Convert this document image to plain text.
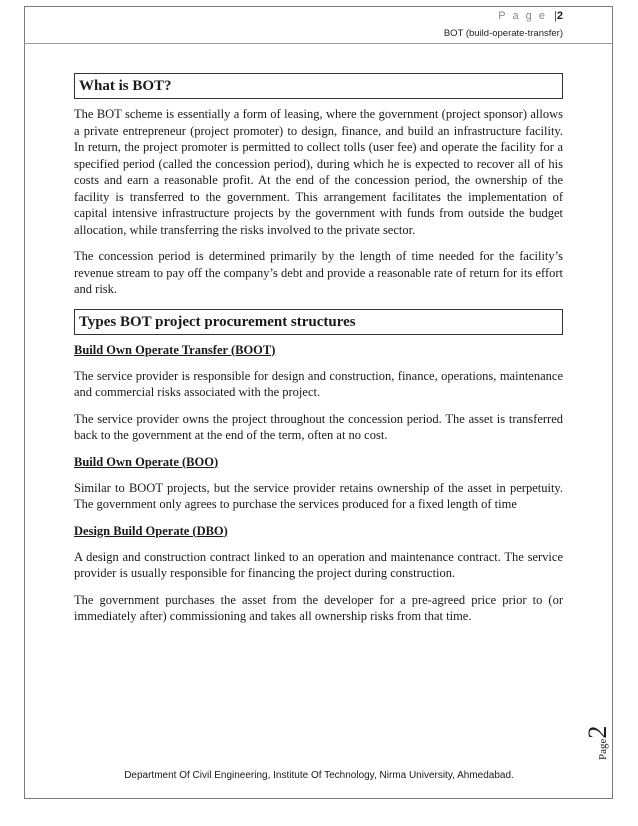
P a g e |2
BOT (build-operate-transfer)
What is BOT?

The BOT scheme is essentially a form of leasing, where the government (project sponsor) allows a private entrepreneur (project promoter) to design, finance, and build an infrastructure facility. In return, the project promoter is permitted to collect tolls (user fee) and operate the facility for a specified period (called the concession period), during which he is expected to recover all of his costs and earn a reasonable profit. At the end of the concession period, the ownership of the facility is transferred to the government. This arrangement facilitates the implementation of capital intensive infrastructure projects by the government with funds from outside the budget allocation, while transferring the risks involved to the private sector.

The concession period is determined primarily by the length of time needed for the facility’s revenue stream to pay off the company’s debt and provide a reasonable rate of return for its effort and risk.

Types BOT project procurement structures
Build Own Operate Transfer (BOOT)

The service provider is responsible for design and construction, finance, operations, maintenance and commercial risks associated with the project.

The service provider owns the project throughout the concession period. The asset is transferred back to the government at the end of the term, often at no cost.

Build Own Operate (BOO)

Similar to BOOT projects, but the service provider retains ownership of the asset in perpetuity. The government only agrees to purchase the services produced for a fixed length of time

Design Build Operate (DBO)

A design and construction contract linked to an operation and maintenance contract. The service provider is usually responsible for financing the project during construction.

The government purchases the asset from the developer for a pre-agreed price prior to (or immediately after) commissioning and takes all ownership risks from that time.

Page2
Department Of Civil Engineering, Institute Of Technology, Nirma University, Ahmedabad.
